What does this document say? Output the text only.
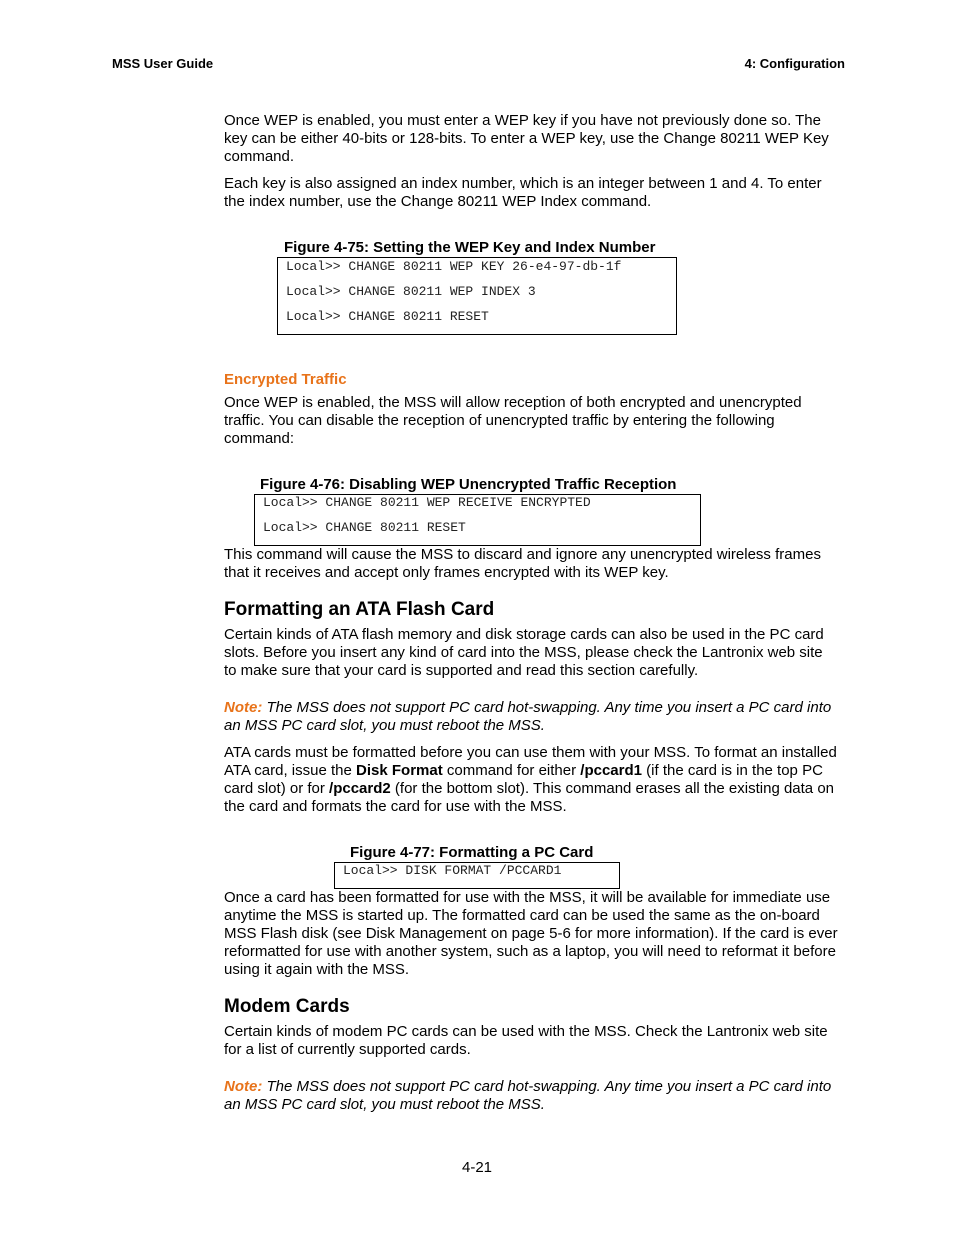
MSS User Guide	4: Configuration

Once WEP is enabled, you must enter a WEP key if you have not previously done so. The key can be either 40-bits or 128-bits. To enter a WEP key, use the Change 80211 WEP Key command.

Each key is also assigned an index number, which is an integer between 1 and 4. To enter the index number, use the Change 80211 WEP Index command.

Figure 4-75: Setting the WEP Key and Index Number
Local>> CHANGE 80211 WEP KEY 26-e4-97-db-1f
Local>> CHANGE 80211 WEP INDEX 3
Local>> CHANGE 80211 RESET
Encrypted Traffic

Once WEP is enabled, the MSS will allow reception of both encrypted and unencrypted traffic. You can disable the reception of unencrypted traffic by entering the following command:

Figure 4-76: Disabling WEP Unencrypted Traffic Reception
Local>> CHANGE 80211 WEP RECEIVE ENCRYPTED
Local>> CHANGE 80211 RESET

This command will cause the MSS to discard and ignore any unencrypted wireless frames that it receives and accept only frames encrypted with its WEP key.

Formatting an ATA Flash Card

Certain kinds of ATA flash memory and disk storage cards can also be used in the PC card slots. Before you insert any kind of card into the MSS, please check the Lantronix web site to make sure that your card is supported and read this section carefully.

Note: The MSS does not support PC card hot-swapping. Any time you insert a PC card into an MSS PC card slot, you must reboot the MSS.

ATA cards must be formatted before you can use them with your MSS. To format an installed ATA card, issue the Disk Format command for either /pccard1 (if the card is in the top PC card slot) or for /pccard2 (for the bottom slot). This command erases all the existing data on the card and formats the card for use with the MSS.

Figure 4-77: Formatting a PC Card
Local>> DISK FORMAT /PCCARD1

Once a card has been formatted for use with the MSS, it will be available for immediate use anytime the MSS is started up. The formatted card can be used the same as the on-board MSS Flash disk (see Disk Management on page 5-6 for more information). If the card is ever reformatted for use with another system, such as a laptop, you will need to reformat it before using it again with the MSS.

Modem Cards

Certain kinds of modem PC cards can be used with the MSS. Check the Lantronix web site for a list of currently supported cards.

Note: The MSS does not support PC card hot-swapping. Any time you insert a PC card into an MSS PC card slot, you must reboot the MSS.

4-21
